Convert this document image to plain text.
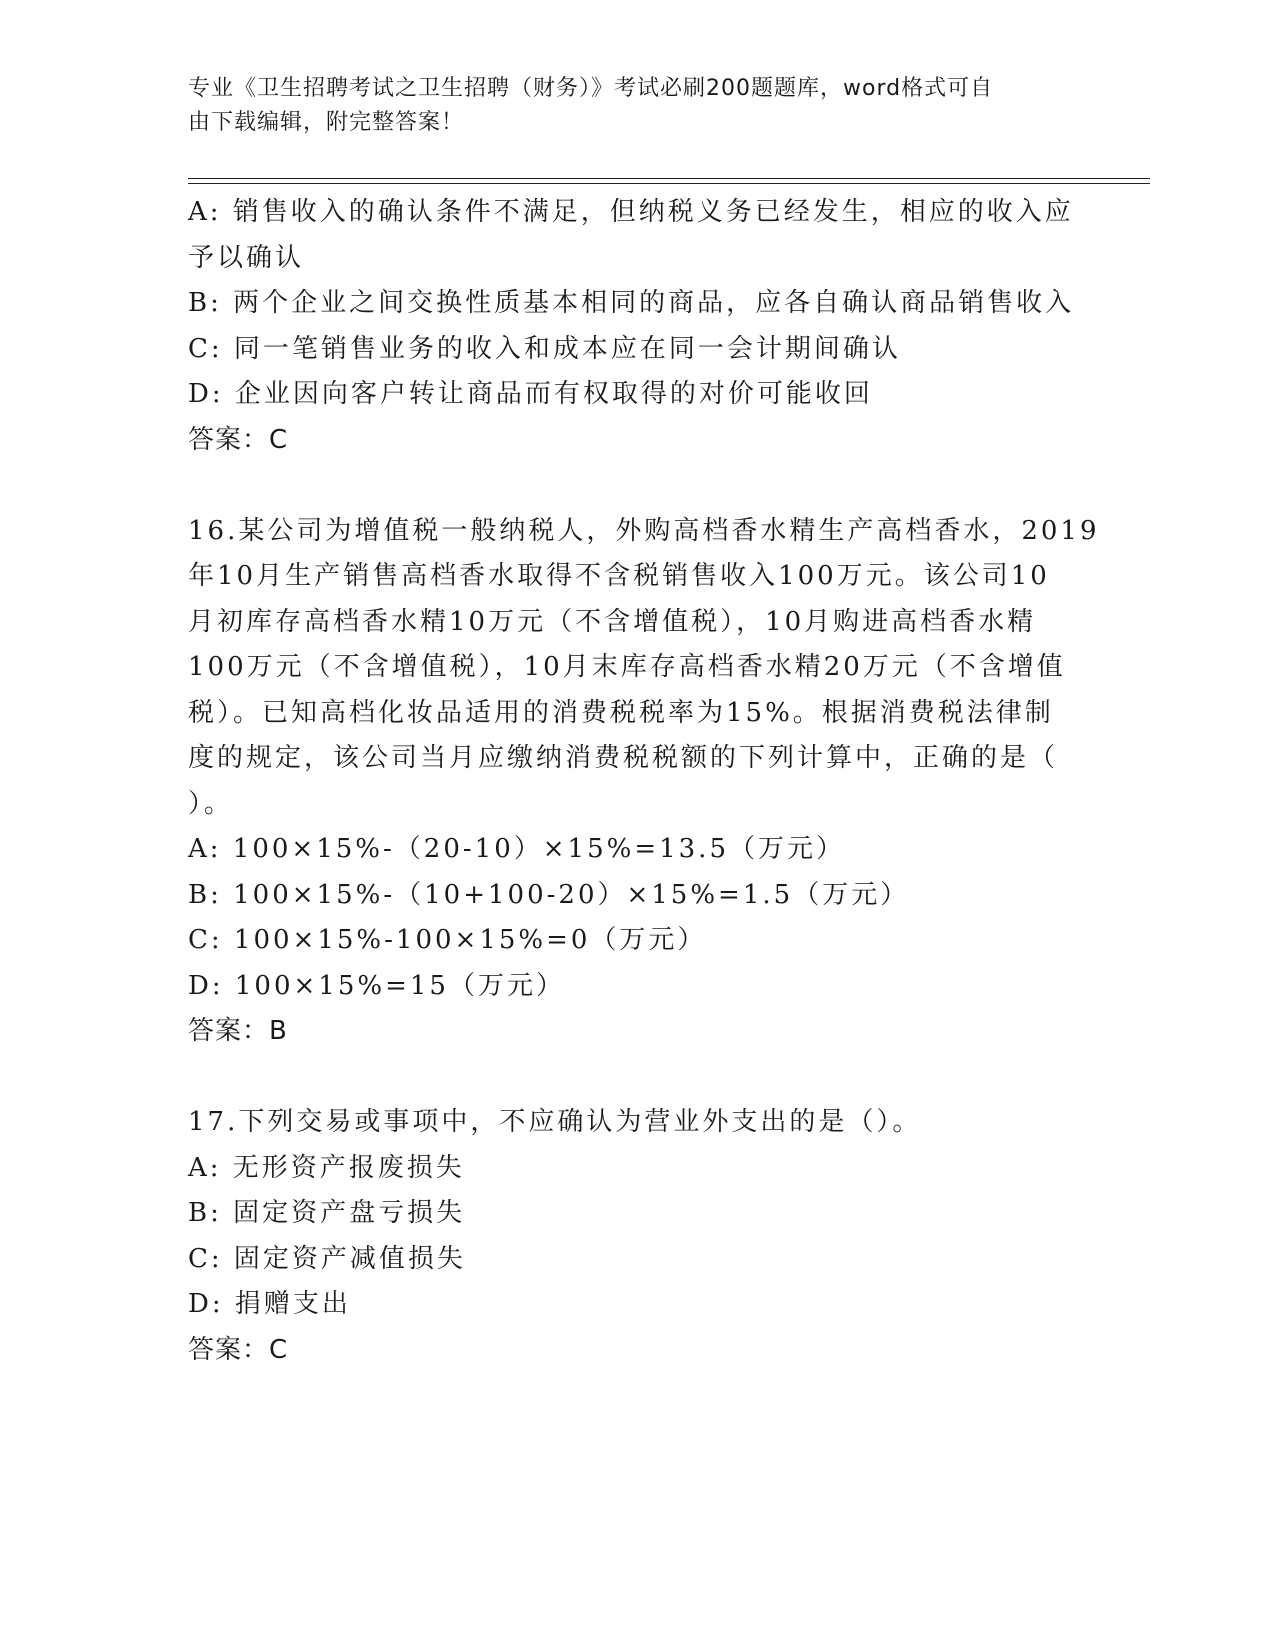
专业《卫生招聘考试之卫生招聘（财务）》考试必刷200题题库，word格式可自
由下载编辑，附完整答案！
A: 销售收入的确认条件不满足，但纳税义务已经发生，相应的收入应
予以确认
B: 两个企业之间交换性质基本相同的商品，应各自确认商品销售收入
C: 同一笔销售业务的收入和成本应在同一会计期间确认
D: 企业因向客户转让商品而有权取得的对价可能收回
答案：C
16.某公司为增值税一般纳税人，外购高档香水精生产高档香水，2019
年10月生产销售高档香水取得不含税销售收入100万元。该公司10
月初库存高档香水精10万元（不含增值税），10月购进高档香水精
100万元（不含增值税），10月末库存高档香水精20万元（不含增值
税）。已知高档化妆品适用的消费税税率为15%。根据消费税法律制
度的规定，该公司当月应缴纳消费税税额的下列计算中，正确的是（
）。
A: 100×15%-（20-10）×15%=13.5（万元）
B: 100×15%-（10+100-20）×15%=1.5（万元）
C: 100×15%-100×15%=0（万元）
D: 100×15%=15（万元）
答案：B
17.下列交易或事项中，不应确认为营业外支出的是（）。
A: 无形资产报废损失
B: 固定资产盘亏损失
C: 固定资产减值损失
D: 捐赠支出
答案：C
